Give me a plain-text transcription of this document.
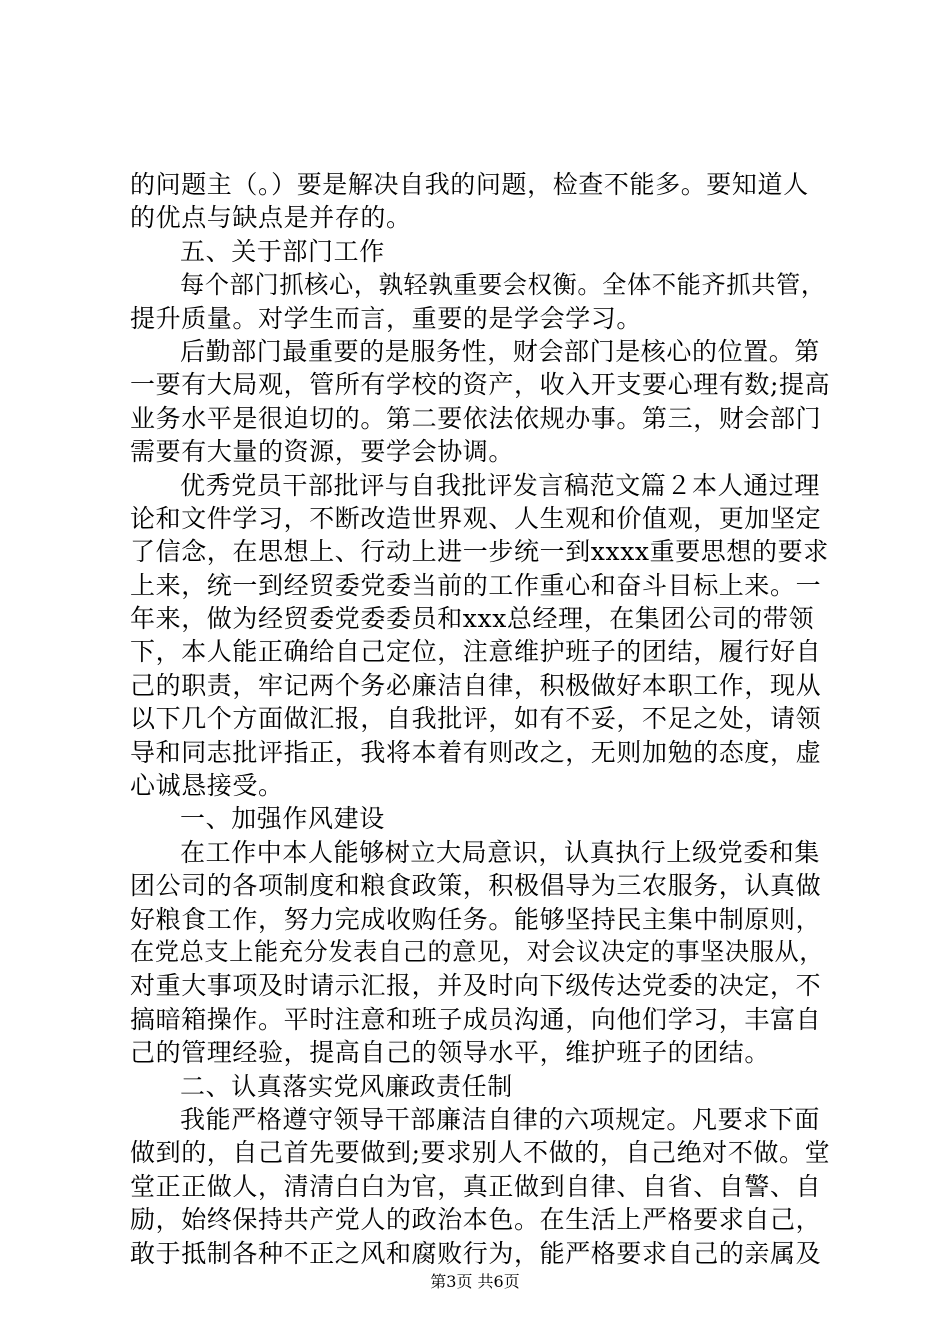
的问题主（。）要是解决自我的问题，检查不能多。要知道人
的优点与缺点是并存的。
五、关于部门工作
每个部门抓核心，孰轻孰重要会权衡。全体不能齐抓共管，
提升质量。对学生而言，重要的是学会学习。
后勤部门最重要的是服务性，财会部门是核心的位置。第
一要有大局观，管所有学校的资产，收入开支要心理有数;提高
业务水平是很迫切的。第二要依法依规办事。第三，财会部门
需要有大量的资源，要学会协调。
优秀党员干部批评与自我批评发言稿范文篇２本人通过理
论和文件学习，不断改造世界观、人生观和价值观，更加坚定
了信念，在思想上、行动上进一步统一到xxxx重要思想的要求
上来，统一到经贸委党委当前的工作重心和奋斗目标上来。一
年来，做为经贸委党委委员和xxx总经理，在集团公司的带领
下，本人能正确给自己定位，注意维护班子的团结，履行好自
己的职责，牢记两个务必廉洁自律，积极做好本职工作，现从
以下几个方面做汇报，自我批评，如有不妥，不足之处，请领
导和同志批评指正，我将本着有则改之，无则加勉的态度，虚
心诚恳接受。
一、加强作风建设
在工作中本人能够树立大局意识，认真执行上级党委和集
团公司的各项制度和粮食政策，积极倡导为三农服务，认真做
好粮食工作，努力完成收购任务。能够坚持民主集中制原则，
在党总支上能充分发表自己的意见，对会议决定的事坚决服从，
对重大事项及时请示汇报，并及时向下级传达党委的决定，不
搞暗箱操作。平时注意和班子成员沟通，向他们学习，丰富自
己的管理经验，提高自己的领导水平，维护班子的团结。
二、认真落实党风廉政责任制
我能严格遵守领导干部廉洁自律的六项规定。凡要求下面
做到的，自己首先要做到;要求别人不做的，自己绝对不做。堂
堂正正做人，清清白白为官，真正做到自律、自省、自警、自
励，始终保持共产党人的政治本色。在生活上严格要求自己，
敢于抵制各种不正之风和腐败行为，能严格要求自己的亲属及
第3页 共6页
